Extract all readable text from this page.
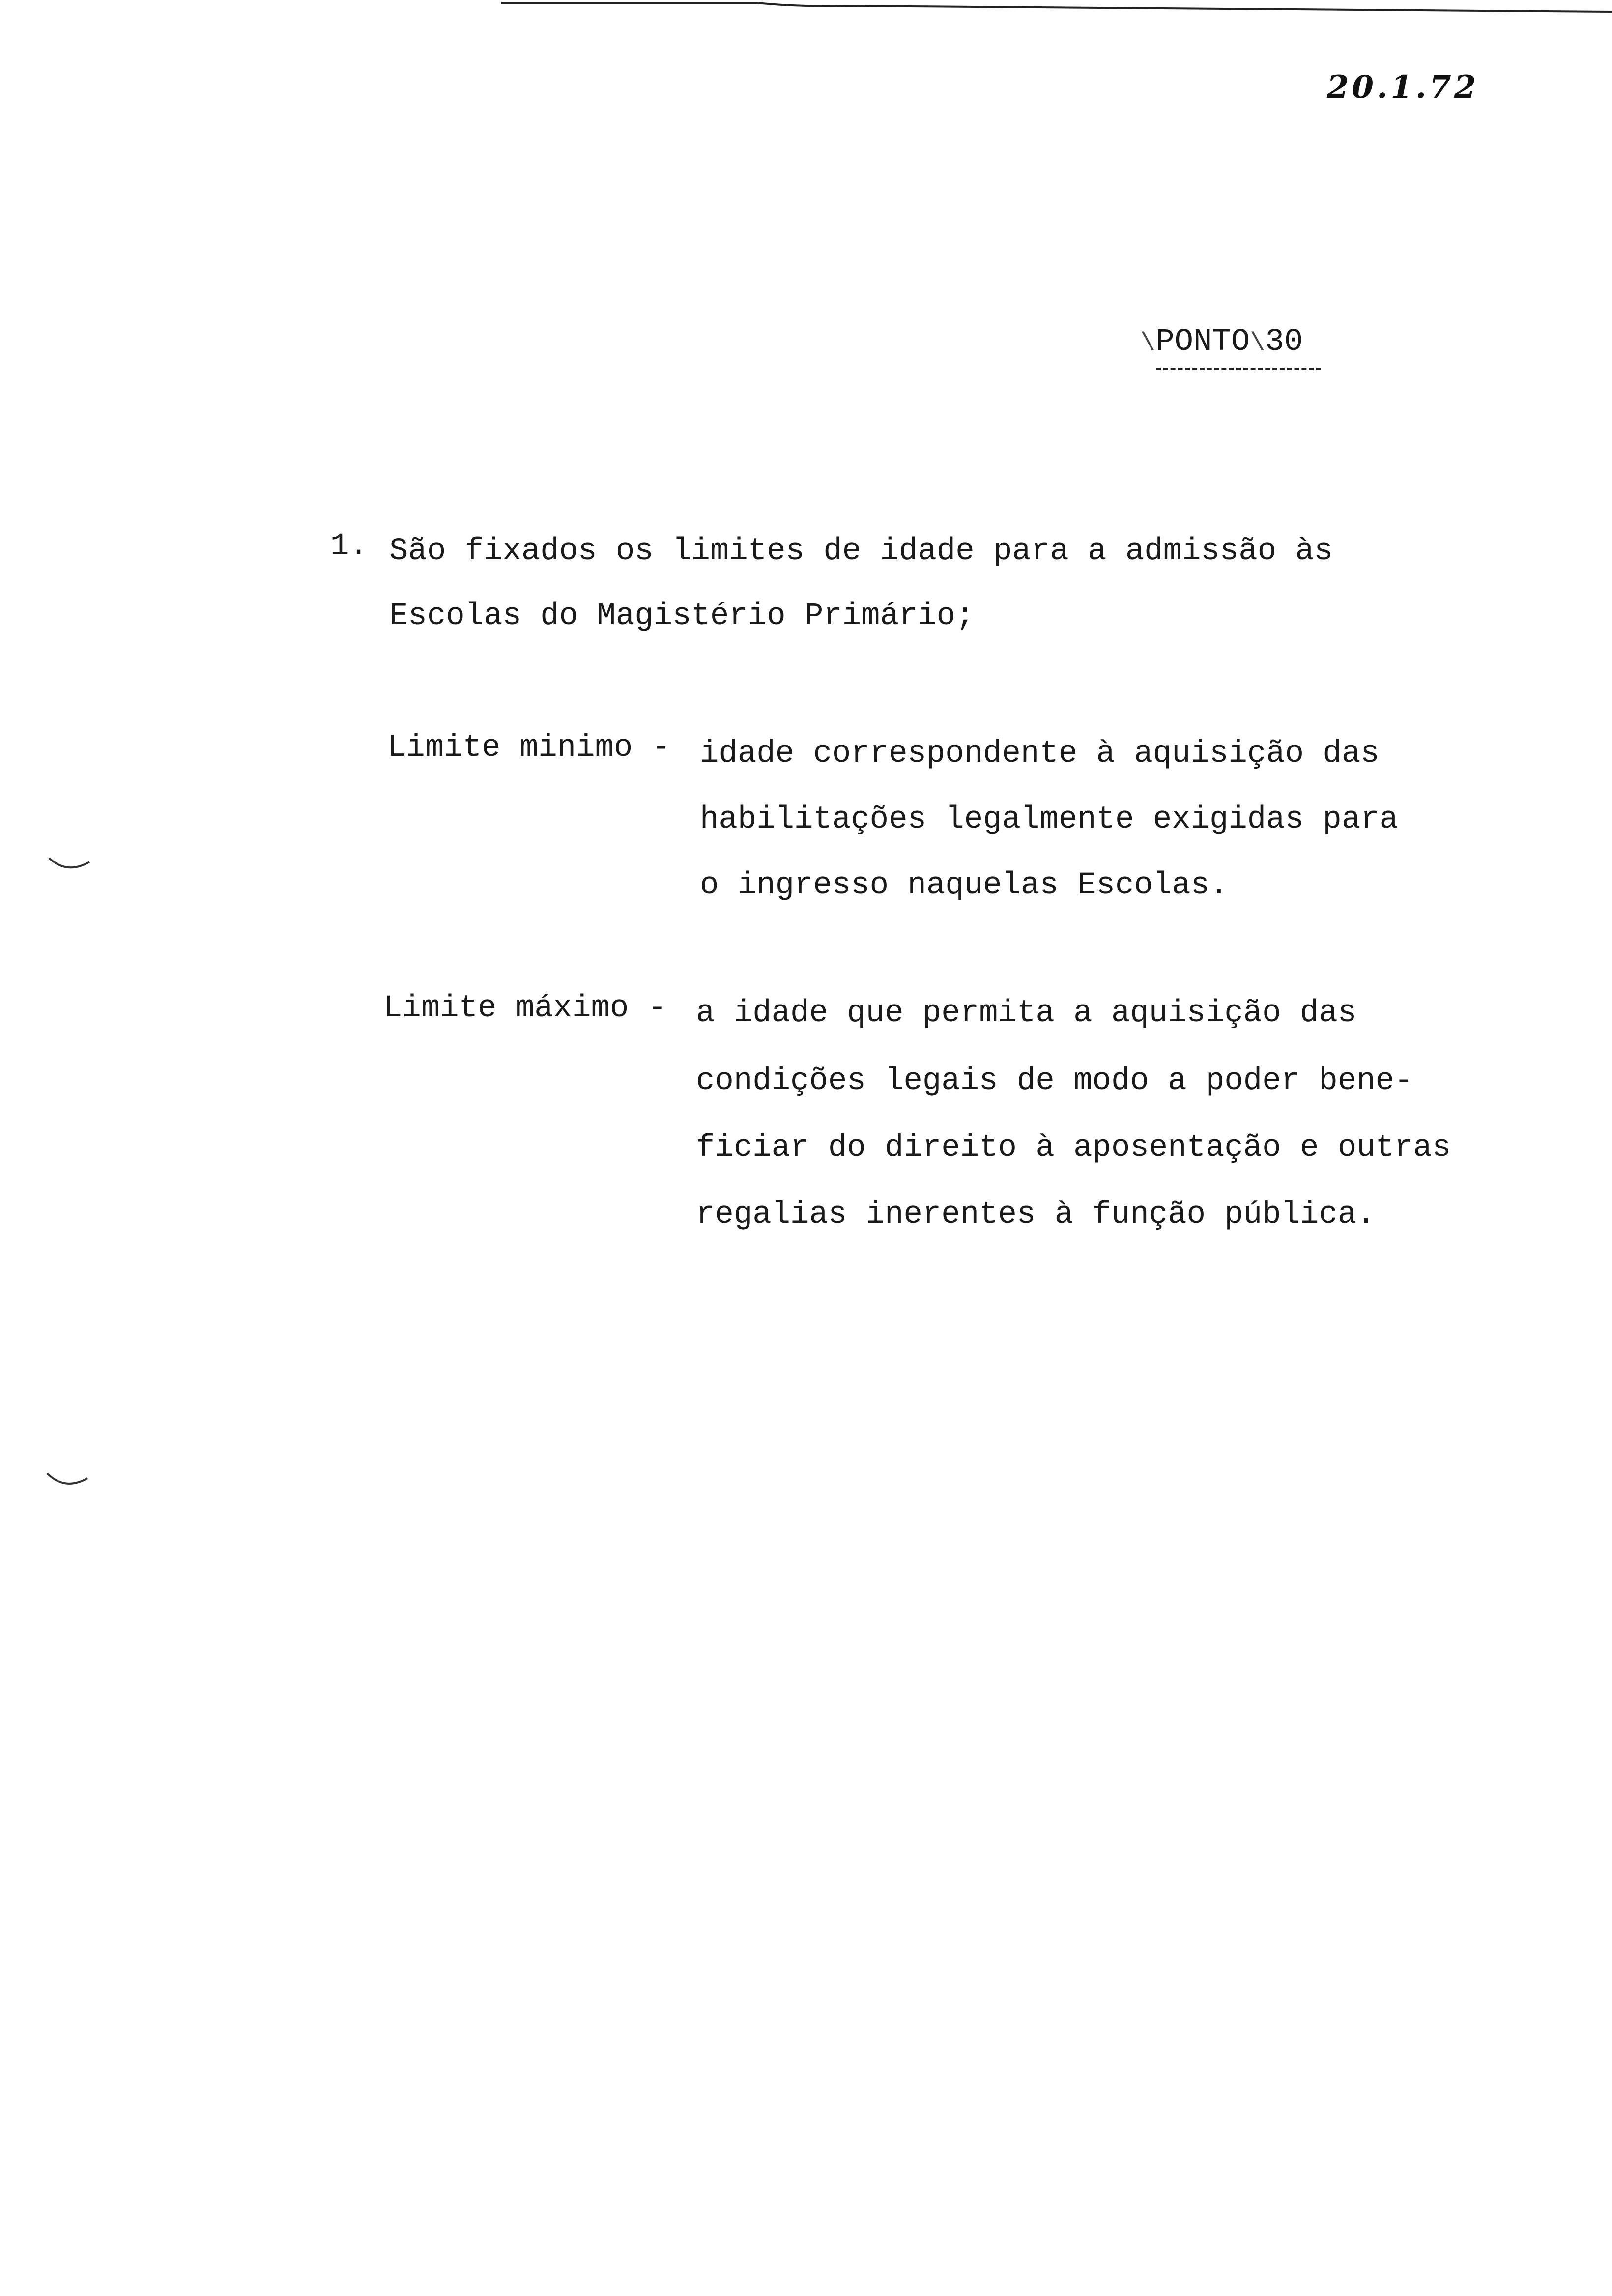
20.1.72
\PONTO\30
1. São fixados os limites de idade para a admissão às
Escolas do Magistério Primário;
Limite minimo - idade correspondente à aquisição das
habilitações legalmente exigidas para
o ingresso naquelas Escolas.
Limite máximo - a idade que permita a aquisição das
condições legais de modo a poder bene-
ficiar do direito à aposentação e outras
regalias inerentes à função pública.
